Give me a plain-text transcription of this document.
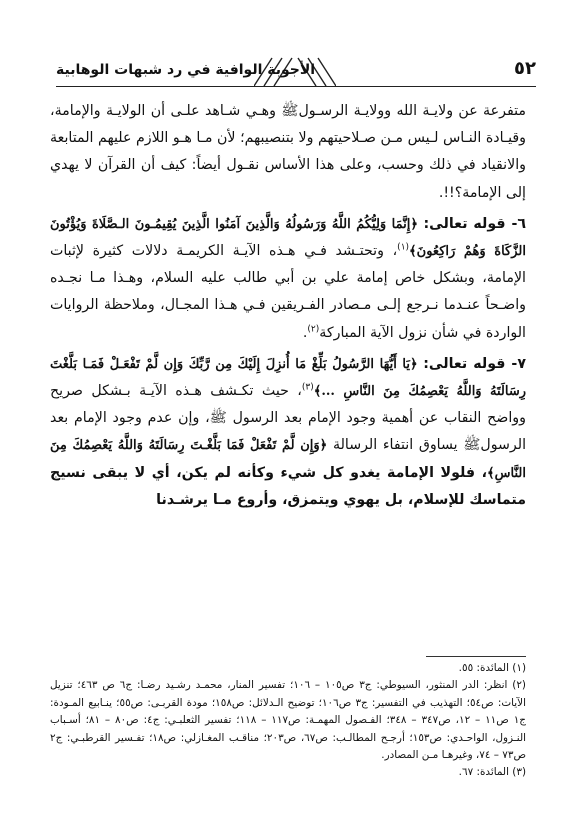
٥٢
الأجوبة الوافية في رد شبهات الوهابية

متفرعة عن ولايـة الله وولايـة الرسـولﷺ وهـي شـاهد علـى أن الولايـة والإمامة، وقيـادة النـاس لـيس مـن صـلاحيتهم ولا بتنصيبهم؛ لأن مـا هـو اللازم عليهم المتابعة والانقياد في ذلك وحسب، وعلى هذا الأساس نقـول أيضاً: كيف أن القرآن لا يهدي إلى الإمامة؟!!.

٦- قوله تعالى: ﴿إِنَّمَا وَلِيُّكُمُ اللَّهُ وَرَسُولُهُ وَالَّذِينَ آمَنُوا الَّذِينَ يُقِيمُـونَ الـصَّلَاةَ وَيُؤْتُونَ الزَّكَاةَ وَهُمْ رَاكِعُونَ﴾$^{(١)}$، وتحتـشد فـي هـذه الآيـة الكريمـة دلالات كثيرة لإثبات الإمامة، وبشكل خاص إمامة علي بن أبي طالب عليه السلام، وهـذا مـا نجـده واضـحاً عنـدما نـرجع إلـى مـصادر الفـريقين فـي هـذا المجـال، وملاحظة الروايات الواردة في شأن نزول الآية المباركة$^{(٢)}$.

٧- قوله تعالى: ﴿يَا أَيُّهَا الرَّسُولُ بَلِّغْ مَا أُنزِلَ إِلَيْكَ مِن رَّبِّكَ وَإِن لَّمْ تَفْعَـلْ فَمَـا بَلَّغْتَ رِسَالَتَهُ وَاللَّهُ يَعْصِمُكَ مِنَ النَّاسِ ...﴾$^{(٣)}$، حيث تكـشف هـذه الآيـة بـشكل صريح وواضح النقاب عن أهمية وجود الإمام بعد الرسول ﷺ، وإن عدم وجود الإمام بعد الرسولﷺ يساوق انتفاء الرسالة ﴿وَإِن لَّمْ تَفْعَلْ فَمَا بَلَّغْـتَ رِسَالَتَهُ وَاللَّهُ يَعْصِمُكَ مِنَ النَّاسِ﴾، فلولا الإمامة يغدو كل شيء وكأنه لم يكن، أي لا يبقى نسيج متماسك للإسلام، بل يهوي ويتمزق، وأروع مـا يرشـدنا

(١) المائدة: ٥٥.

(٢) انظر: الدر المنثور، السيوطي: ج٣ ص١٠٥ – ١٠٦؛ تفسير المنار، محمـد رشـيد رضـا: ج٦ ص ٤٦٣؛ تنزيل الآيات: ص٥٤؛ التهذيب في التفسير: ج٣ ص١٠٦؛ توضيح الـدلائل: ص١٥٨؛ مودة القربـى: ص٥٥؛ ينـابيع المـودة: ج١ ص١١ – ١٢، ص٣٤٧ – ٣٤٨؛ الفـصول المهمـة: ص١١٧ – ١١٨؛ تفسير الثعلبـي: ج٤: ص٨٠ – ٨١؛ أسـباب النـزول، الواحـدي: ص١٥٣؛ أرجـح المطالـب: ص٦٧، ص٢٠٣؛ مناقـب المغـازلي: ص١٨؛ تفـسير القرطبـي: ج٢ ص٧٣ – ٧٤، وغيرهـا مـن المصادر.

(٣) المائدة: ٦٧.
